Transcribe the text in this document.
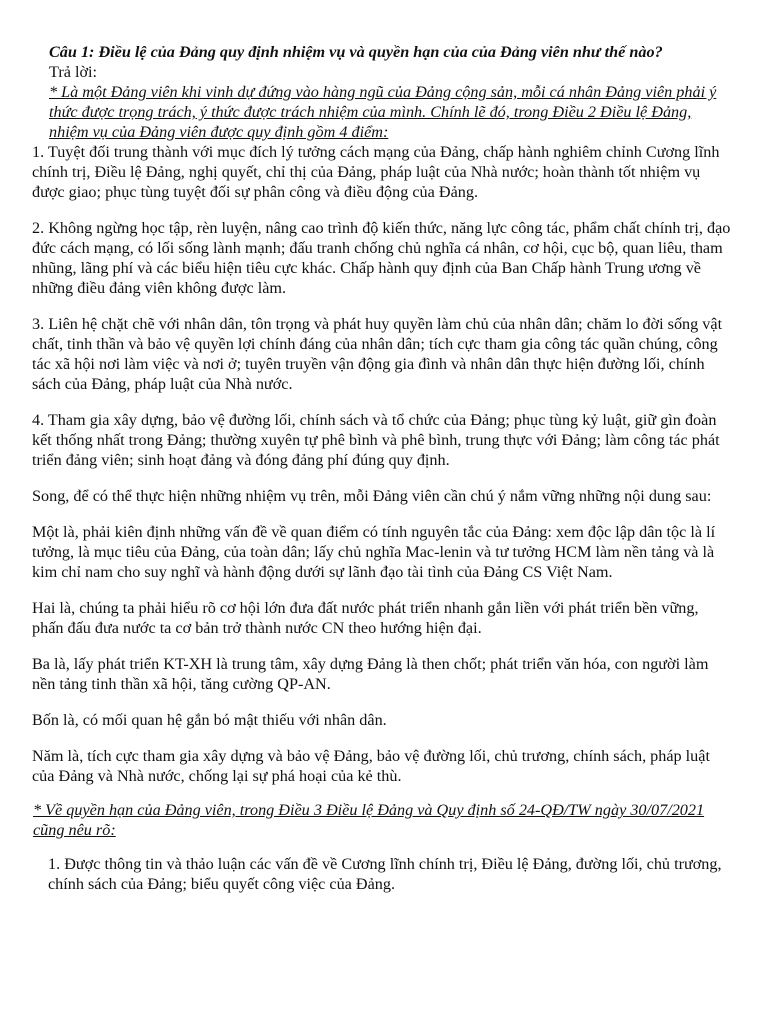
Câu 1: Điều lệ của Đảng quy định nhiệm vụ và quyền hạn của của Đảng viên như thế nào?
Trả lời:
* Là một Đảng viên khi vinh dự đứng vào hàng ngũ của Đảng cộng sản, mỗi cá nhân Đảng viên phải ý thức được trọng trách, ý thức được trách nhiệm của mình. Chính lẽ đó, trong Điều 2 Điều lệ Đảng, nhiệm vụ của Đảng viên được quy định gồm 4 điểm:

1. Tuyệt đối trung thành với mục đích lý tưởng cách mạng của Đảng, chấp hành nghiêm chỉnh Cương lĩnh chính trị, Điều lệ Đảng, nghị quyết, chỉ thị của Đảng, pháp luật của Nhà nước; hoàn thành tốt nhiệm vụ được giao; phục tùng tuyệt đối sự phân công và điều động của Đảng.

2. Không ngừng học tập, rèn luyện, nâng cao trình độ kiến thức, năng lực công tác, phẩm chất chính trị, đạo đức cách mạng, có lối sống lành mạnh; đấu tranh chống chủ nghĩa cá nhân, cơ hội, cục bộ, quan liêu, tham nhũng, lãng phí và các biểu hiện tiêu cực khác. Chấp hành quy định của Ban Chấp hành Trung ương về những điều đảng viên không được làm.

3. Liên hệ chặt chẽ với nhân dân, tôn trọng và phát huy quyền làm chủ của nhân dân; chăm lo đời sống vật chất, tinh thần và bảo vệ quyền lợi chính đáng của nhân dân; tích cực tham gia công tác quần chúng, công tác xã hội nơi làm việc và nơi ở; tuyên truyền vận động gia đình và nhân dân thực hiện đường lối, chính sách của Đảng, pháp luật của Nhà nước.

4. Tham gia xây dựng, bảo vệ đường lối, chính sách và tổ chức của Đảng; phục tùng kỷ luật, giữ gìn đoàn kết thống nhất trong Đảng; thường xuyên tự phê bình và phê bình, trung thực với Đảng; làm công tác phát triển đảng viên; sinh hoạt đảng và đóng đảng phí đúng quy định.

Song, để có thể thực hiện những nhiệm vụ trên, mỗi Đảng viên cần chú ý nắm vững những nội dung sau:

Một là, phải kiên định những vấn đề về quan điểm có tính nguyên tắc của Đảng: xem độc lập dân tộc là lí tưởng, là mục tiêu của Đảng, của toàn dân; lấy chủ nghĩa Mac-lenin và tư tưởng HCM làm nền tảng và là kim chỉ nam cho suy nghĩ và hành động dưới sự lãnh đạo tài tình của Đảng CS Việt Nam.

Hai là, chúng ta phải hiểu rõ cơ hội lớn đưa đất nước phát triển nhanh gắn liền với phát triển bền vững, phấn đấu đưa nước ta cơ bản trở thành nước CN theo hướng hiện đại.

Ba là, lấy phát triển KT-XH là trung tâm, xây dựng Đảng là then chốt; phát triển văn hóa, con người làm nền tảng tinh thần xã hội, tăng cường QP-AN.

Bốn là, có mối quan hệ gắn bó mật thiếu với nhân dân.

Năm là, tích cực tham gia xây dựng và bảo vệ Đảng, bảo vệ đường lối, chủ trương, chính sách, pháp luật của Đảng và Nhà nước, chống lại sự phá hoại của kẻ thù.

* Về quyền hạn của Đảng viên, trong Điều 3 Điều lệ Đảng và Quy định số 24-QĐ/TW ngày 30/07/2021 cũng nêu rõ:

1. Được thông tin và thảo luận các vấn đề về Cương lĩnh chính trị, Điều lệ Đảng, đường lối, chủ trương, chính sách của Đảng; biểu quyết công việc của Đảng.
